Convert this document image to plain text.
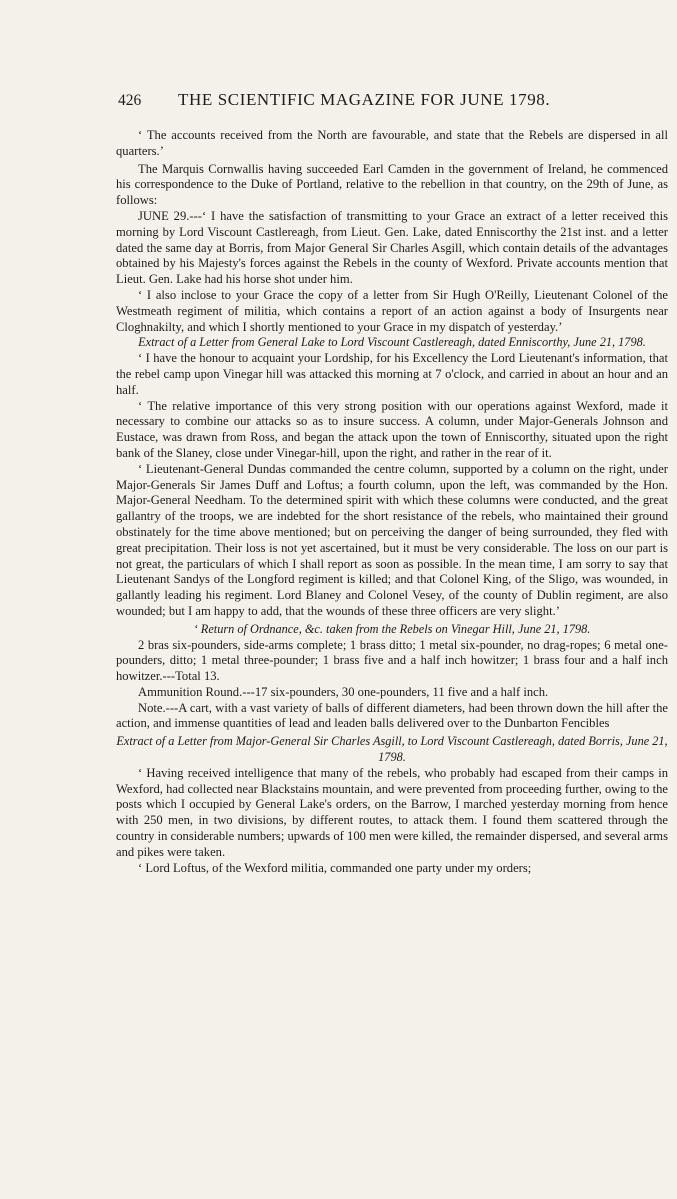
426 THE SCIENTIFIC MAGAZINE FOR JUNE 1798.

‘ The accounts received from the North are favourable, and state that the Rebels are dispersed in all quarters.’

The Marquis Cornwallis having succeeded Earl Camden in the government of Ireland, he commenced his correspondence to the Duke of Portland, relative to the rebellion in that country, on the 29th of June, as follows:

JUNE 29.---‘ I have the satisfaction of transmitting to your Grace an extract of a letter received this morning by Lord Viscount Castlereagh, from Lieut. Gen. Lake, dated Enniscorthy the 21st inst. and a letter dated the same day at Borris, from Major General Sir Charles Asgill, which contain details of the advantages obtained by his Majesty's forces against the Rebels in the county of Wexford. Private accounts mention that Lieut. Gen. Lake had his horse shot under him.

‘ I also inclose to your Grace the copy of a letter from Sir Hugh O'Reilly, Lieutenant Colonel of the Westmeath regiment of militia, which contains a report of an action against a body of Insurgents near Cloghnakilty, and which I shortly mentioned to your Grace in my dispatch of yesterday.’

Extract of a Letter from General Lake to Lord Viscount Castlereagh, dated Enniscorthy, June 21, 1798.

‘ I have the honour to acquaint your Lordship, for his Excellency the Lord Lieutenant's information, that the rebel camp upon Vinegar hill was attacked this morning at 7 o'clock, and carried in about an hour and an half.

‘ The relative importance of this very strong position with our operations against Wexford, made it necessary to combine our attacks so as to insure success. A column, under Major-Generals Johnson and Eustace, was drawn from Ross, and began the attack upon the town of Enniscorthy, situated upon the right bank of the Slaney, close under Vinegar-hill, upon the right, and rather in the rear of it.

‘ Lieutenant-General Dundas commanded the centre column, supported by a column on the right, under Major-Generals Sir James Duff and Loftus; a fourth column, upon the left, was commanded by the Hon. Major-General Needham. To the determined spirit with which these columns were conducted, and the great gallantry of the troops, we are indebted for the short resistance of the rebels, who maintained their ground obstinately for the time above mentioned; but on perceiving the danger of being surrounded, they fled with great precipitation. Their loss is not yet ascertained, but it must be very considerable. The loss on our part is not great, the particulars of which I shall report as soon as possible. In the mean time, I am sorry to say that Lieutenant Sandys of the Longford regiment is killed; and that Colonel King, of the Sligo, was wounded, in gallantly leading his regiment. Lord Blaney and Colonel Vesey, of the county of Dublin regiment, are also wounded; but I am happy to add, that the wounds of these three officers are very slight.’

‘ Return of Ordnance, &c. taken from the Rebels on Vinegar Hill, June 21, 1798.

2 bras six-pounders, side-arms complete; 1 brass ditto; 1 metal six-pounder, no drag-ropes; 6 metal one-pounders, ditto; 1 metal three-pounder; 1 brass five and a half inch howitzer; 1 brass four and a half inch howitzer.---Total 13.

Ammunition Round.---17 six-pounders, 30 one-pounders, 11 five and a half inch.

Note.---A cart, with a vast variety of balls of different diameters, had been thrown down the hill after the action, and immense quantities of lead and leaden balls delivered over to the Dunbarton Fencibles

Extract of a Letter from Major-General Sir Charles Asgill, to Lord Viscount Castlereagh, dated Borris, June 21, 1798.

‘ Having received intelligence that many of the rebels, who probably had escaped from their camps in Wexford, had collected near Blackstains mountain, and were prevented from proceeding further, owing to the posts which I occupied by General Lake's orders, on the Barrow, I marched yesterday morning from hence with 250 men, in two divisions, by different routes, to attack them. I found them scattered through the country in considerable numbers; upwards of 100 men were killed, the remainder dispersed, and several arms and pikes were taken.

‘ Lord Loftus, of the Wexford militia, commanded one party under my orders;
